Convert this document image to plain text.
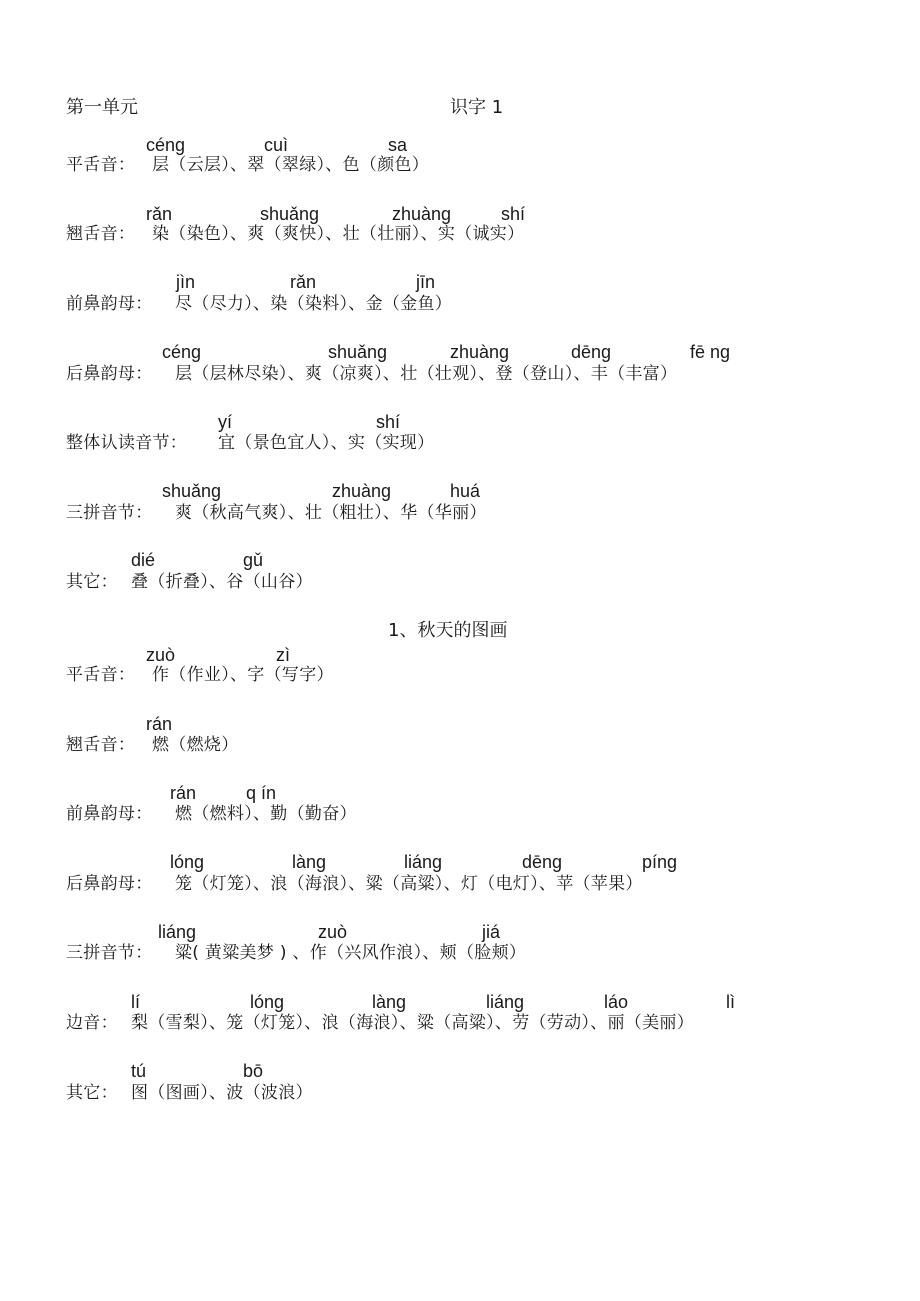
第一单元	识字 1
céng	cuì	sa
平舌音： 层（云层）、翠（翠绿）、色（颜色）
rǎn	shuǎng	zhuàng	shí
翘舌音： 染（染色）、爽（爽快）、壮（壮丽）、实（诚实）
jìn	rǎn	jīn
前鼻韵母： 尽（尽力）、染（染料）、金（金鱼）
céng	shuǎng	zhuàng	dēng	fē ng
后鼻韵母： 层（层林尽染）、爽（凉爽）、壮（壮观）、登（登山）、丰（丰富）
yí	shí
整体认读音节： 宜（景色宜人）、实（实现）
shuǎng	zhuàng	huá
三拼音节： 爽（秋高气爽）、壮（粗壮）、华（华丽）
dié	gǔ
其它： 叠（折叠）、谷（山谷）
1、秋天的图画
zuò	zì
平舌音： 作（作业）、字（写字）
rán
翘舌音： 燃（燃烧）
rán	q ín
前鼻韵母： 燃（燃料）、勤（勤奋）
lóng	làng	liáng	dēng	píng
后鼻韵母： 笼（灯笼）、浪（海浪）、粱（高粱）、灯（电灯）、苹（苹果）
liáng	zuò	jiá
三拼音节： 粱( 黄粱美梦 ) 、作（兴风作浪）、颊（脸颊）
lí	lóng	làng	liáng	láo	lì
边音： 梨（雪梨）、笼（灯笼）、浪（海浪）、粱（高粱）、劳（劳动）、丽（美丽）
tú	bō
其它： 图（图画）、波（波浪）
